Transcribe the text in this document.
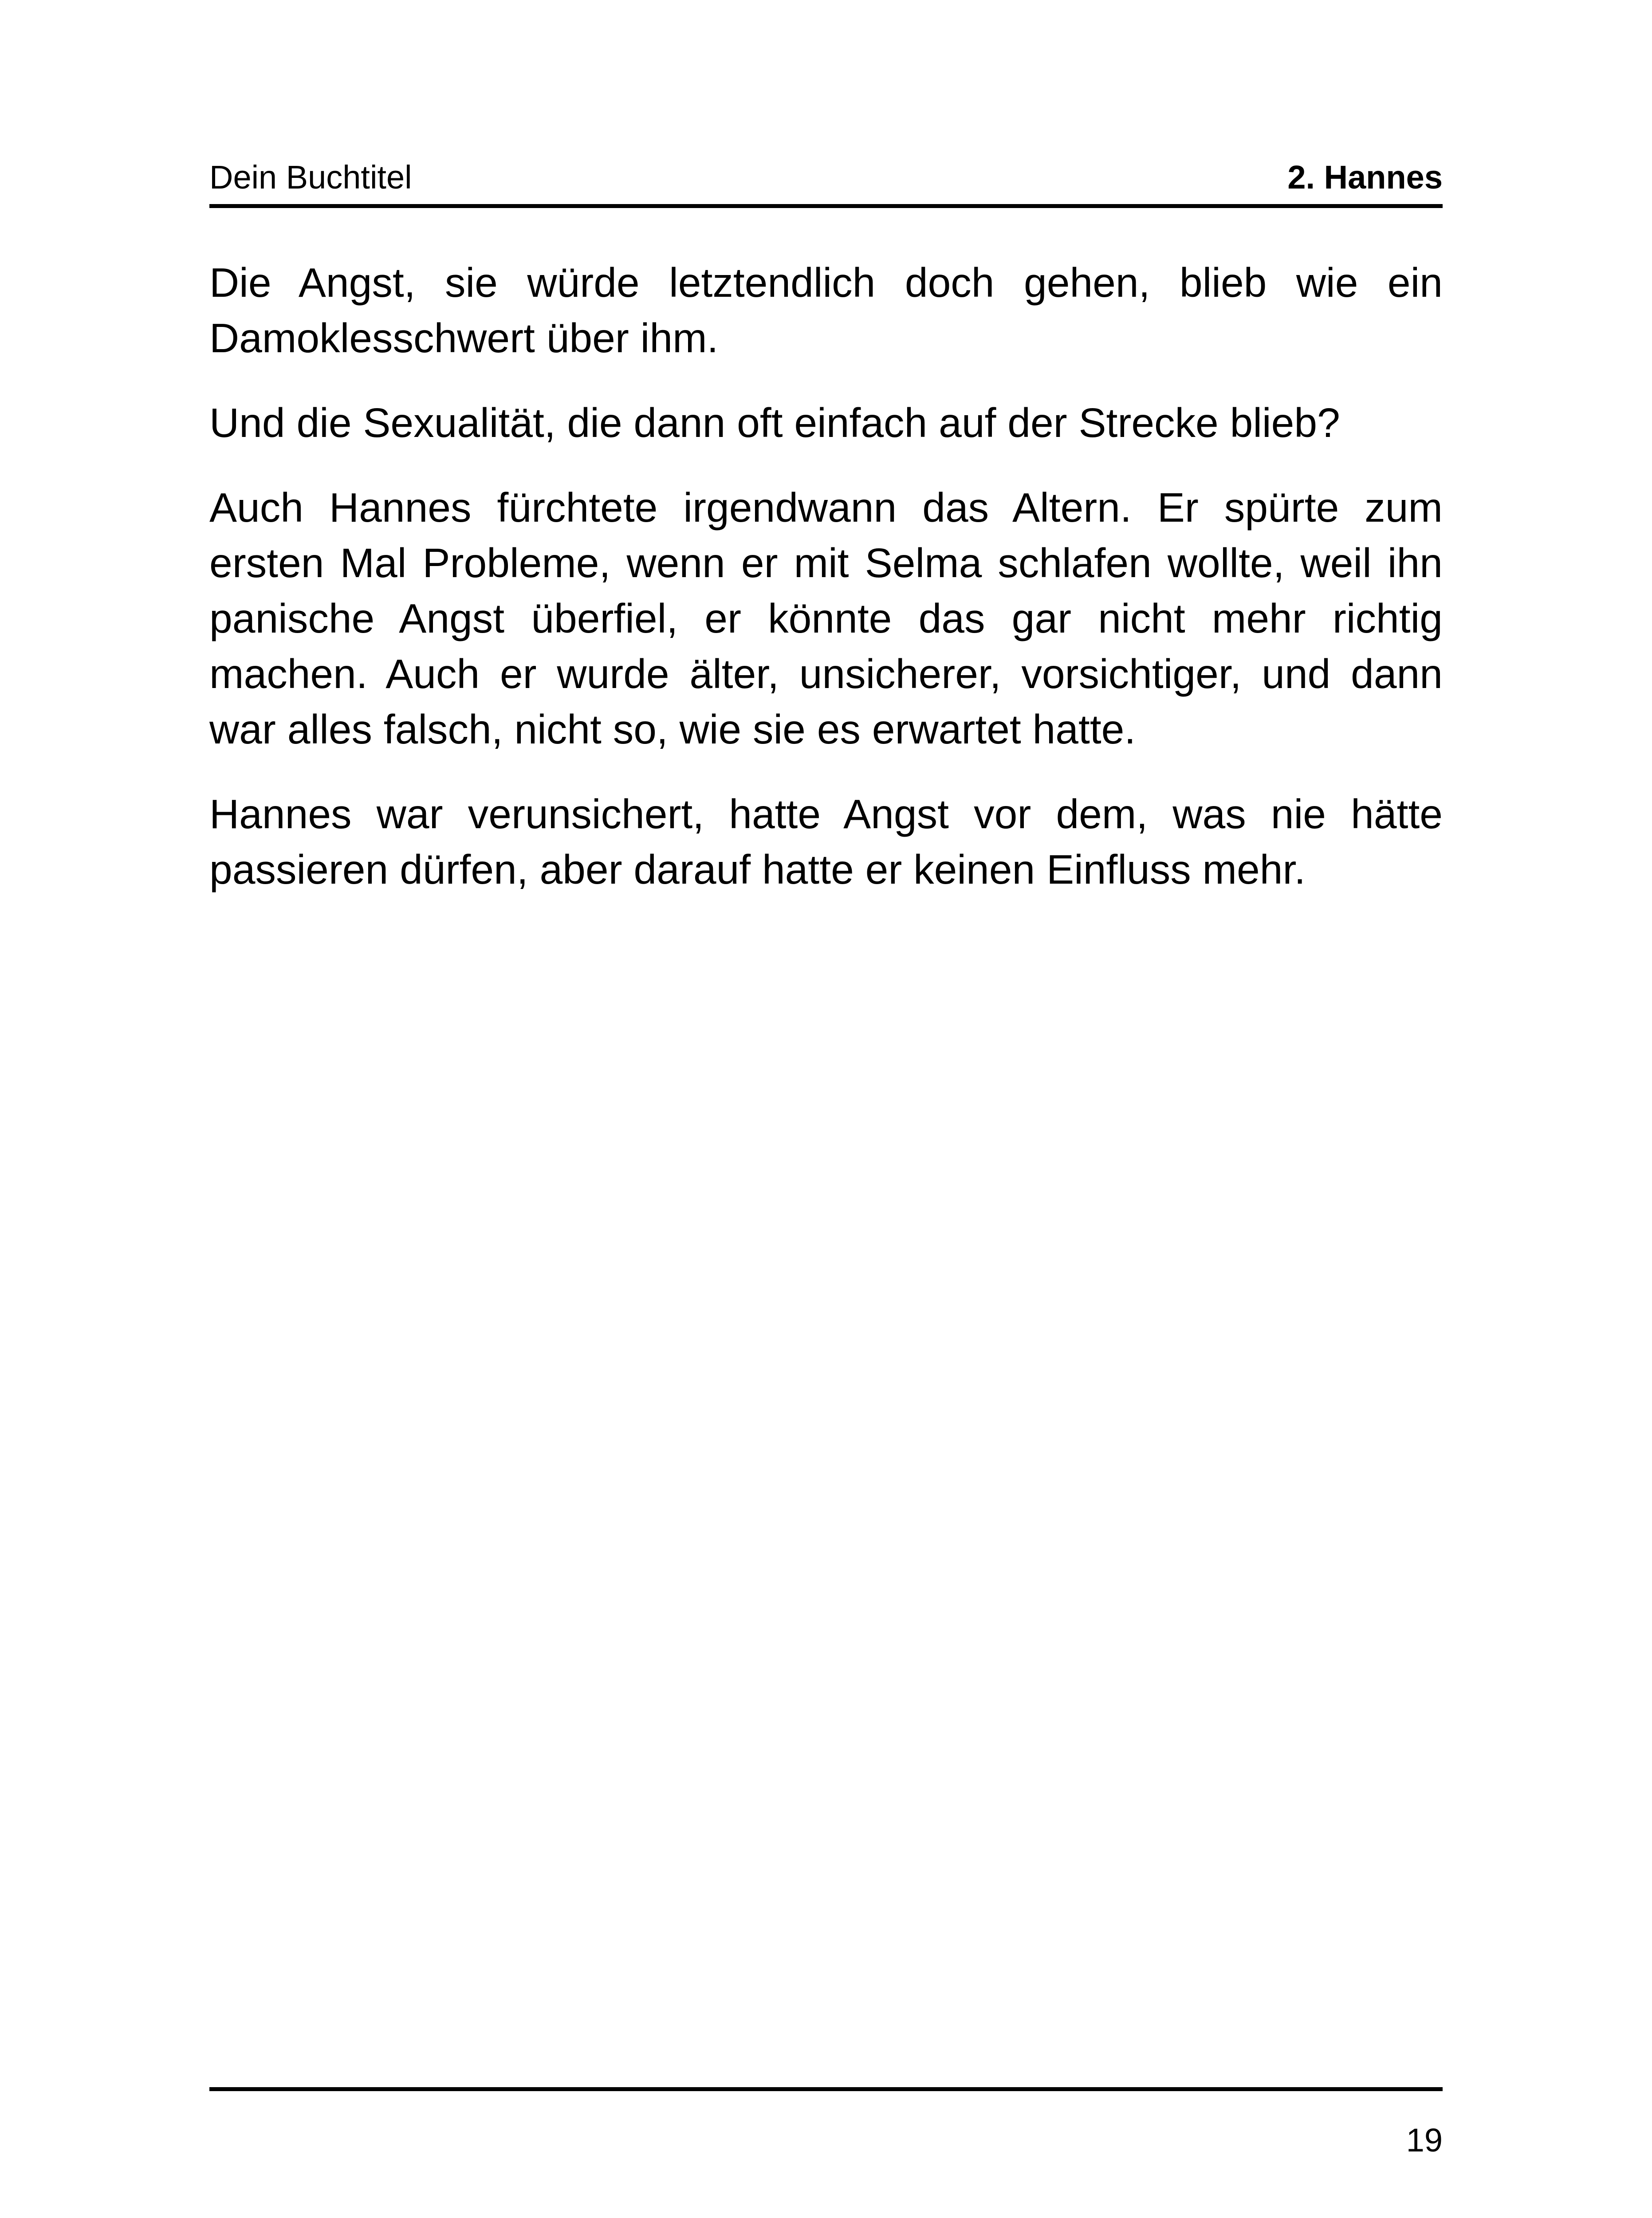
Dein Buchtitel	2. Hannes

Die Angst, sie würde letztendlich doch gehen, blieb wie ein Damoklesschwert über ihm.

Und die Sexualität, die dann oft einfach auf der Strecke blieb?

Auch Hannes fürchtete irgendwann das Altern. Er spürte zum ersten Mal Probleme, wenn er mit Selma schlafen wollte, weil ihn panische Angst überfiel, er könnte das gar nicht mehr richtig machen. Auch er wurde älter, unsicherer, vorsichtiger, und dann war alles falsch, nicht so, wie sie es erwartet hatte.

Hannes war verunsichert, hatte Angst vor dem, was nie hätte passieren dürfen, aber darauf hatte er keinen Einfluss mehr.

19
